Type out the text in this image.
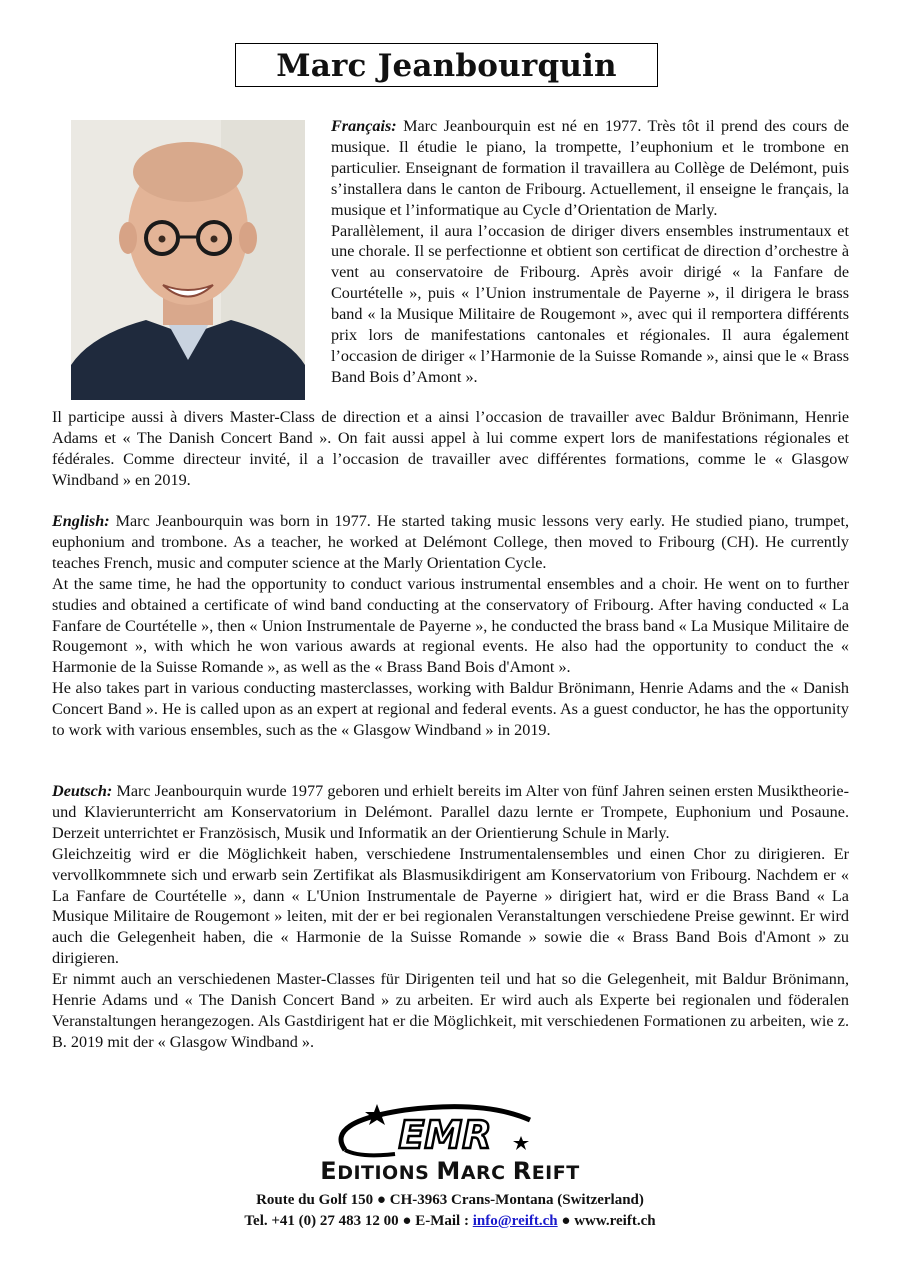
Marc Jeanbourquin

Français: Marc Jeanbourquin est né en 1977. Très tôt il prend des cours de musique. Il étudie le piano, la trompette, l’euphonium et le trombone en particulier. Enseignant de formation il travaillera au Collège de Delémont, puis s’installera dans le canton de Fribourg. Actuellement, il enseigne le français, la musique et l’informatique au Cycle d’Orientation de Marly.

Parallèlement, il aura l’occasion de diriger divers ensembles instrumentaux et une chorale. Il se perfectionne et obtient son certificat de direction d’orchestre à vent au conservatoire de Fribourg. Après avoir dirigé « la Fanfare de Courtételle », puis « l’Union instrumentale de Payerne », il dirigera le brass band « la Musique Militaire de Rougemont », avec qui il remportera différents prix lors de manifestations cantonales et régionales. Il aura également l’occasion de diriger « l’Harmonie de la Suisse Romande », ainsi que le « Brass Band Bois d’Amont ».

Il participe aussi à divers Master-Class de direction et a ainsi l’occasion de travailler avec Baldur Brönimann, Henrie Adams et « The Danish Concert Band ». On fait aussi appel à lui comme expert lors de manifestations régionales et fédérales. Comme directeur invité, il a l’occasion de travailler avec différentes formations, comme le « Glasgow Windband » en 2019.

English: Marc Jeanbourquin was born in 1977. He started taking music lessons very early. He studied piano, trumpet, euphonium and trombone. As a teacher, he worked at Delémont College, then moved to Fribourg (CH). He currently teaches French, music and computer science at the Marly Orientation Cycle.

At the same time, he had the opportunity to conduct various instrumental ensembles and a choir. He went on to further studies and obtained a certificate of wind band conducting at the conservatory of Fribourg. After having conducted « La Fanfare de Courtételle », then « Union Instrumentale de Payerne », he conducted the brass band « La Musique Militaire de Rougemont », with which he won various awards at regional events. He also had the opportunity to conduct the « Harmonie de la Suisse Romande », as well as the « Brass Band Bois d'Amont ».

He also takes part in various conducting masterclasses, working with Baldur Brönimann, Henrie Adams and the « Danish Concert Band ». He is called upon as an expert at regional and federal events. As a guest conductor, he has the opportunity to work with various ensembles, such as the « Glasgow Windband » in 2019.

Deutsch: Marc Jeanbourquin wurde 1977 geboren und erhielt bereits im Alter von fünf Jahren seinen ersten Musiktheorie- und Klavierunterricht am Konservatorium in Delémont. Parallel dazu lernte er Trompete, Euphonium und Posaune. Derzeit unterrichtet er Französisch, Musik und Informatik an der Orientierung Schule in Marly.

Gleichzeitig wird er die Möglichkeit haben, verschiedene Instrumentalensembles und einen Chor zu dirigieren. Er vervollkommnete sich und erwarb sein Zertifikat als Blasmusikdirigent am Konservatorium von Fribourg. Nachdem er « La Fanfare de Courtételle », dann « L'Union Instrumentale de Payerne » dirigiert hat, wird er die Brass Band « La Musique Militaire de Rougemont » leiten, mit der er bei regionalen Veranstaltungen verschiedene Preise gewinnt. Er wird auch die Gelegenheit haben, die « Harmonie de la Suisse Romande » sowie die « Brass Band Bois d'Amont » zu dirigieren.

Er nimmt auch an verschiedenen Master-Classes für Dirigenten teil und hat so die Gelegenheit, mit Baldur Brönimann, Henrie Adams und « The Danish Concert Band » zu arbeiten. Er wird auch als Experte bei regionalen und föderalen Veranstaltungen herangezogen. Als Gastdirigent hat er die Möglichkeit, mit verschiedenen Formationen zu arbeiten, wie z. B. 2019 mit der « Glasgow Windband ».

EMR
EDITIONS MARC REIFT
Route du Golf 150 ● CH-3963 Crans-Montana (Switzerland)
Tel. +41 (0) 27 483 12 00 ● E-Mail : info@reift.ch ● www.reift.ch
